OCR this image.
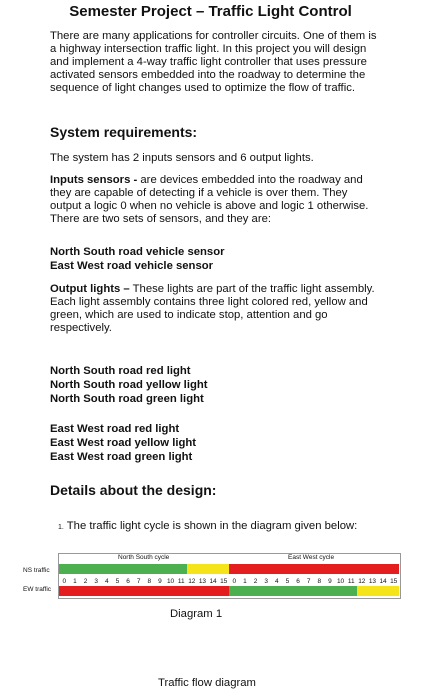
Semester Project – Traffic Light Control
There are many applications for controller circuits. One of them is a highway intersection traffic light. In this project you will design and implement a 4-way traffic light controller that uses pressure activated sensors embedded into the roadway to determine the sequence of light changes used to optimize the flow of traffic.
System requirements:
The system has 2 inputs sensors and 6 output lights.
Inputs sensors - are devices embedded into the roadway and they are capable of detecting if a vehicle is over them. They output a logic 0 when no vehicle is above and logic 1 otherwise. There are two sets of sensors, and they are:
North South road vehicle sensor
East West road vehicle sensor
Output lights – These lights are part of the traffic light assembly. Each light assembly contains three light colored red, yellow and green, which are used to indicate stop, attention and go respectively.
North South road red light
North South road yellow light
North South road green light
East West road red light
East West road yellow light
East West road green light
Details about the design:
1. The traffic light cycle is shown in the diagram given below:
North South cycle	East West cycle
NS traffic
EW traffic
0	1	2	3	4	5	6	7	8	9 10 11 12 13 14 15 0	1	2	3	4	5	6	7	8	9 10 11 12 13 14 15
Diagram 1
Traffic flow diagram
